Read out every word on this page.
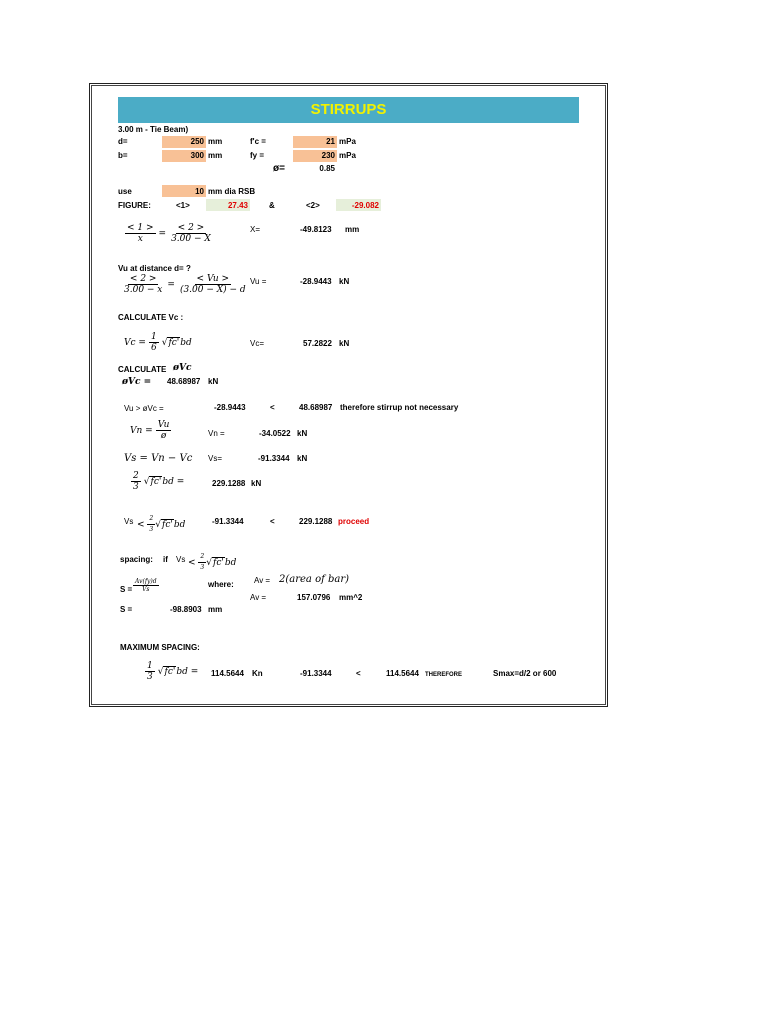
STIRRUPS
3.00 m - Tie Beam)
d=	250 mm	f'c =	21 mPa
b=	300 mm	fy =	230 mPa
ø=	0.85
use	10 mm dia RSB
FIGURE:	<1>	27.43	&	<2>	-29.082
$\frac{< 1 >}{x} = \frac{< 2 >}{3.00 - X}$	X=	-49.8123 mm
Vu at distance d= ?
$\frac{< 2 >}{3.00 - x} = \frac{< Vu >}{(3.00 - X) - d}$ Vu =	-28.9443 kN
CALCULATE Vc :
$Vc = \frac{1}{6} √fc'bd$	Vc=	57.2822 kN
CALCULATE øVc
øVc = 48.68987 kN
Vu > øVc =	-28.9443	<	48.68987 therefore stirrup not necessary
$Vn = \frac{Vu}{ø}$	Vn =	-34.0522 kN
Vs = Vn − Vc Vs=	-91.3344 kN
$\frac{2}{3} √fc'bd$ =	229.1288 kN
$Vs < \frac{2}{3} √fc'bd$	-91.3344	<	229.1288 proceed
spacing: if $Vs < \frac{2}{3} √fc'bd$
$S = \frac{Av(fy)d}{Vs}$	where:	Av = 2(area of bar)
Av =	157.0796 mm^2
S =	-98.8903 mm
MAXIMUM SPACING:
$\frac{1}{3} √fc'bd = 114.5644$ Kn	-91.3344	<	114.5644 THEREFORE	Smax=d/2 or 600
